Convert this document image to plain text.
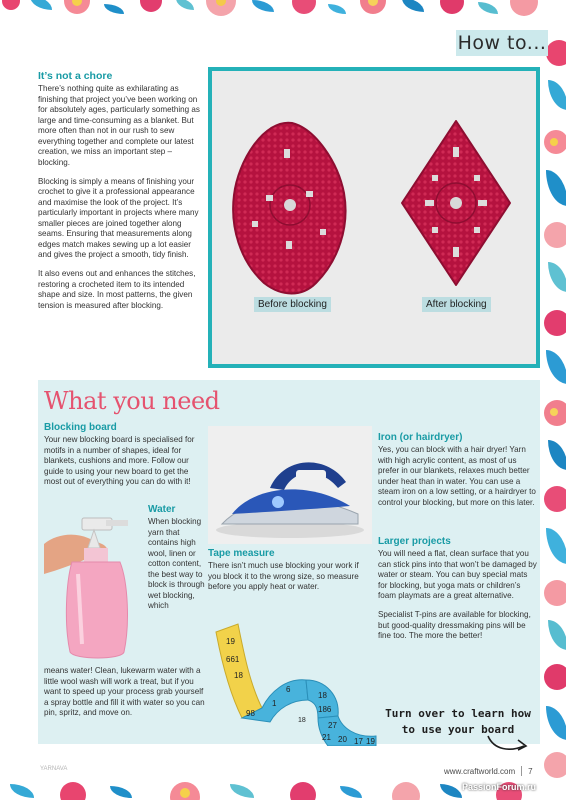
How to...
It’s not a chore

There’s nothing quite as exhilarating as finishing that project you’ve been working on for absolutely ages, particularly something as large and time-consuming as a blanket. But more often than not in our rush to sew everything together and complete our latest creation, we miss an important step – blocking.

Blocking is simply a means of finishing your crochet to give it a professional appearance and maximise the look of the project. It’s particularly important in projects where many smaller pieces are joined together along seams. Ensuring that measurements along edges match makes sewing up a lot easier and gives the project a smooth, tidy finish.

It also evens out and enhances the stitches, restoring a crocheted item to its intended shape and size. In most patterns, the given tension is measured after blocking.	Before blocking	After blocking
What you need
Blocking board
Your new blocking board is specialised for motifs in a number of shapes, ideal for blankets, cushions and more. Follow our guide to using your new board to get the most out of everything you can do with it!
Water
When blocking yarn that contains high wool, linen or cotton content, the best way to block is through wet blocking, which
means water! Clean, lukewarm water with a little wool wash will work a treat, but if you want to speed up your process grab yourself a spray bottle and fill it with water so you can pin, spritz, and move on.
Tape measure
There isn’t much use blocking your work if you block it to the wrong size, so measure before you apply heat or water.
19
661
18
6
1
98
18
186
18
27
21 20 17 19
Iron (or hairdryer)
Yes, you can block with a hair dryer! Yarn with high acrylic content, as most of us prefer in our blankets, relaxes much better under heat than in water. You can use a steam iron on a low setting, or a hairdryer to control your blocking, but more on this later.
Larger projects

You will need a flat, clean surface that you can stick pins into that won’t be damaged by water or steam. You can buy special mats for blocking, but yoga mats or children’s foam playmats are a great alternative.

Specialist T-pins are available for blocking, but good-quality dressmaking pins will be fine too. The more the better!

Turn over to learn how to use your board
YARNAVA	www.craftworld.com 7
PassionForum.ru
